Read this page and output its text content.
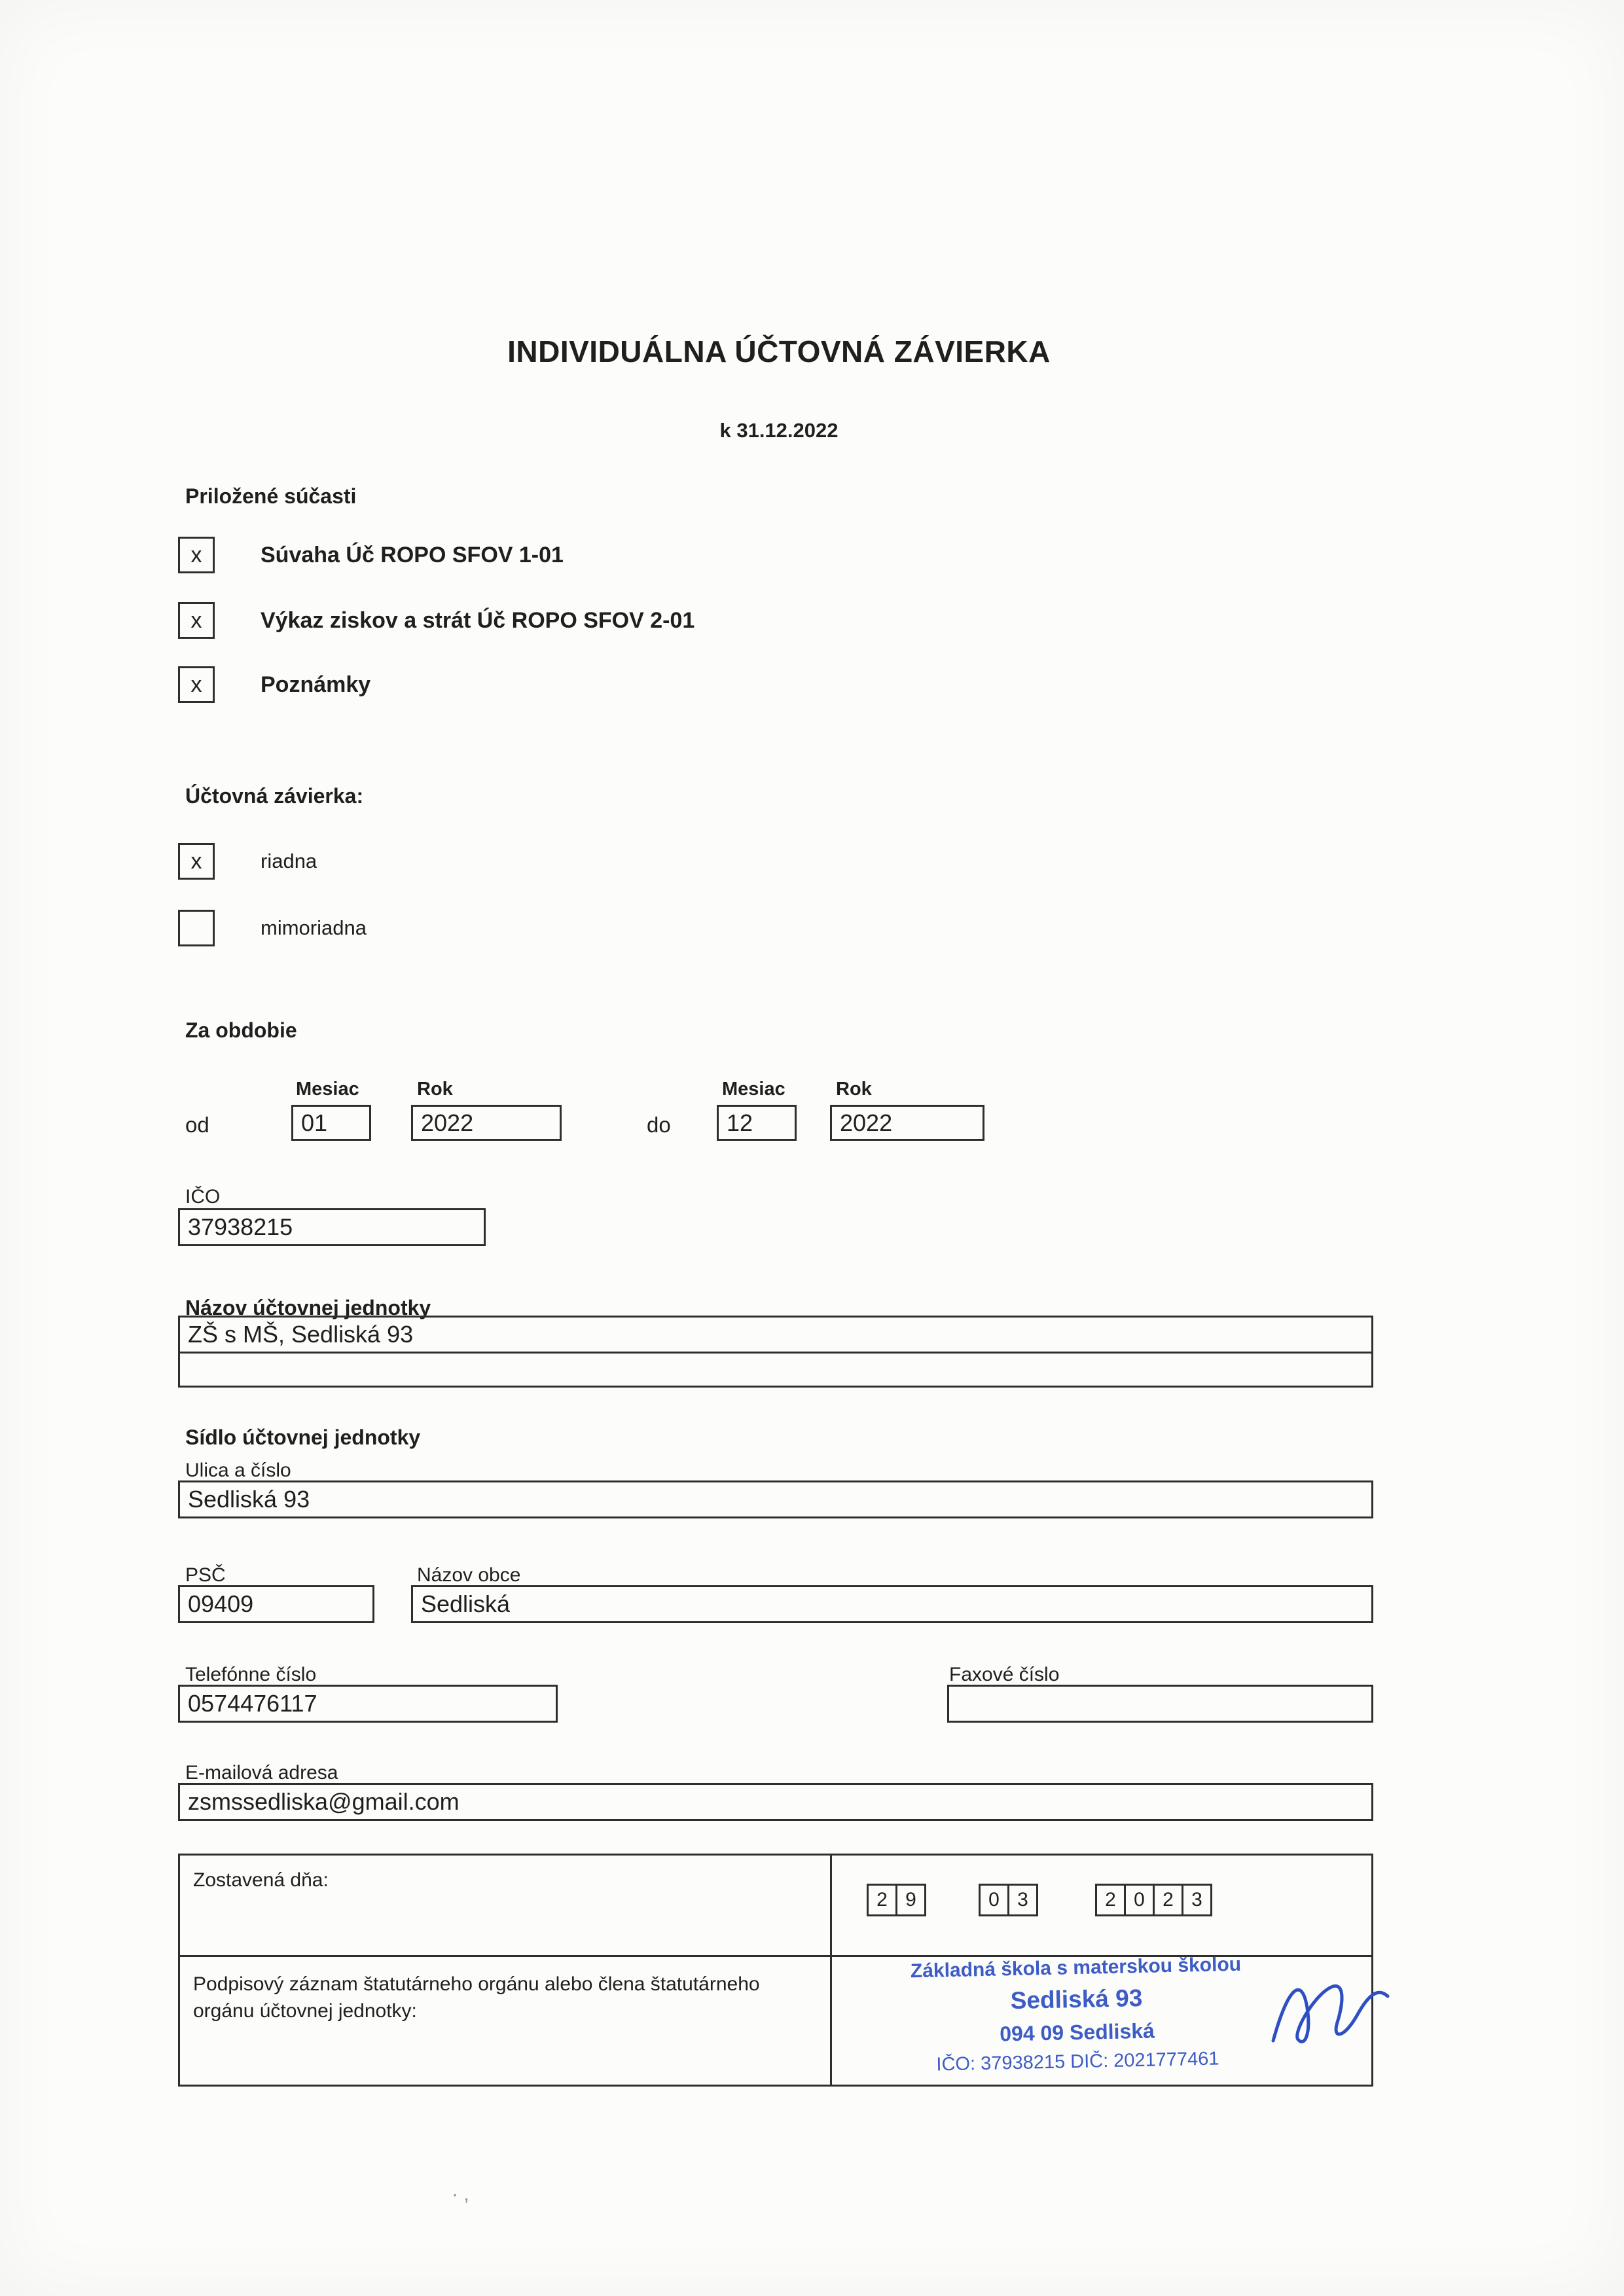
INDIVIDUÁLNA ÚČTOVNÁ ZÁVIERKA
k 31.12.2022
Priložené súčasti
x	Súvaha Úč ROPO SFOV 1-01
x	Výkaz ziskov a strát Úč ROPO SFOV 2-01
x	Poznámky
Účtovná závierka:
x	riadna
mimoriadna
Za obdobie
Mesiac	Rok	Mesiac	Rok
od	01	2022	do 12	2022
IČO
37938215
Názov účtovnej jednotky
ZŠ s MŠ, Sedliská 93
Sídlo účtovnej jednotky
Ulica a číslo
Sedliská 93
PSČ	Názov obce
09409	Sedliská
Telefónne číslo	Faxové číslo
0574476117
E-mailová adresa
zsmssedliska@gmail.com
Zostavená dňa:
2 9	0 3	2 0 2 3
Podpisový záznam štatutárneho orgánu alebo člena štatutárneho orgánu účtovnej jednotky:
Základná škola s materskou školou
Sedliská 93
094 09 Sedliská
IČO: 37938215 DIČ: 2021777461
· ,
